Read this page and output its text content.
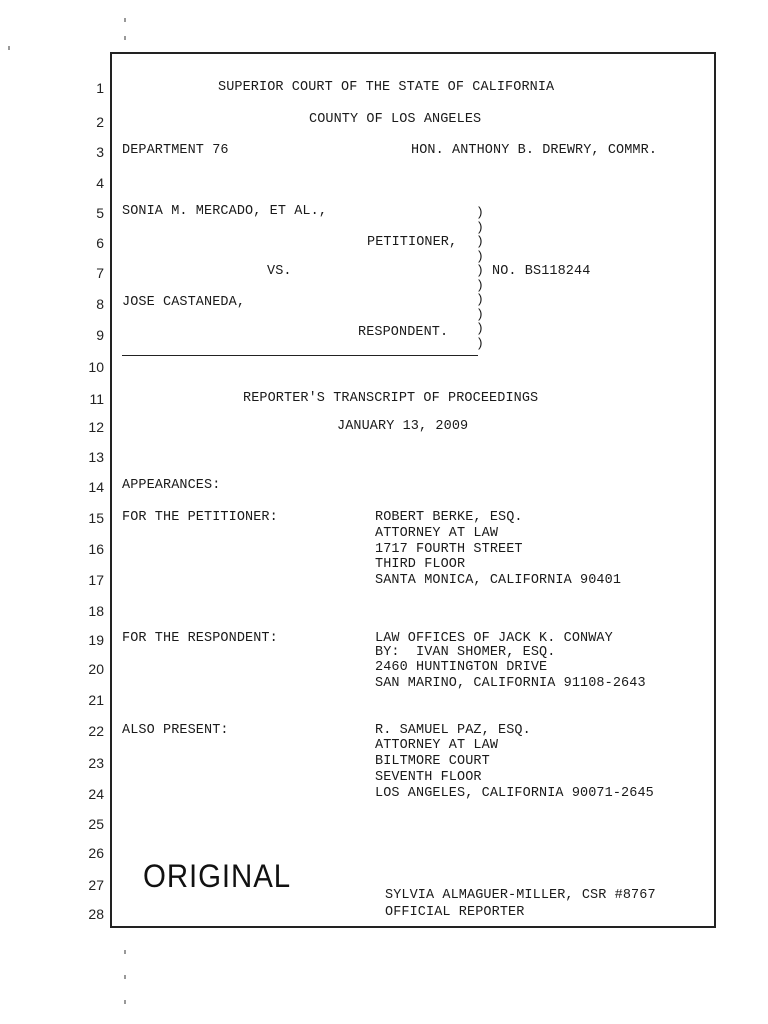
1
2
3
4
5
6
7
8
9
10
11
12
13
14
15
16
17
18
19
20
21
22
23
24
25
26
27
28
SUPERIOR COURT OF THE STATE OF CALIFORNIA
COUNTY OF LOS ANGELES
DEPARTMENT 76	HON. ANTHONY B. DREWRY, COMMR.
SONIA M. MERCADO, ET AL.,
PETITIONER,
VS.	NO. BS118244
JOSE CASTANEDA,
RESPONDENT.
)
)
)
)
)
)
)
)
)
)
REPORTER'S TRANSCRIPT OF PROCEEDINGS
JANUARY 13, 2009
APPEARANCES:
FOR THE PETITIONER:	ROBERT BERKE, ESQ.
ATTORNEY AT LAW
1717 FOURTH STREET
THIRD FLOOR
SANTA MONICA, CALIFORNIA 90401
FOR THE RESPONDENT:	LAW OFFICES OF JACK K. CONWAY
BY:  IVAN SHOMER, ESQ.
2460 HUNTINGTON DRIVE
SAN MARINO, CALIFORNIA 91108-2643
ALSO PRESENT:	R. SAMUEL PAZ, ESQ.
ATTORNEY AT LAW
BILTMORE COURT
SEVENTH FLOOR
LOS ANGELES, CALIFORNIA 90071-2645
ORIGINAL
SYLVIA ALMAGUER-MILLER, CSR #8767
OFFICIAL REPORTER
